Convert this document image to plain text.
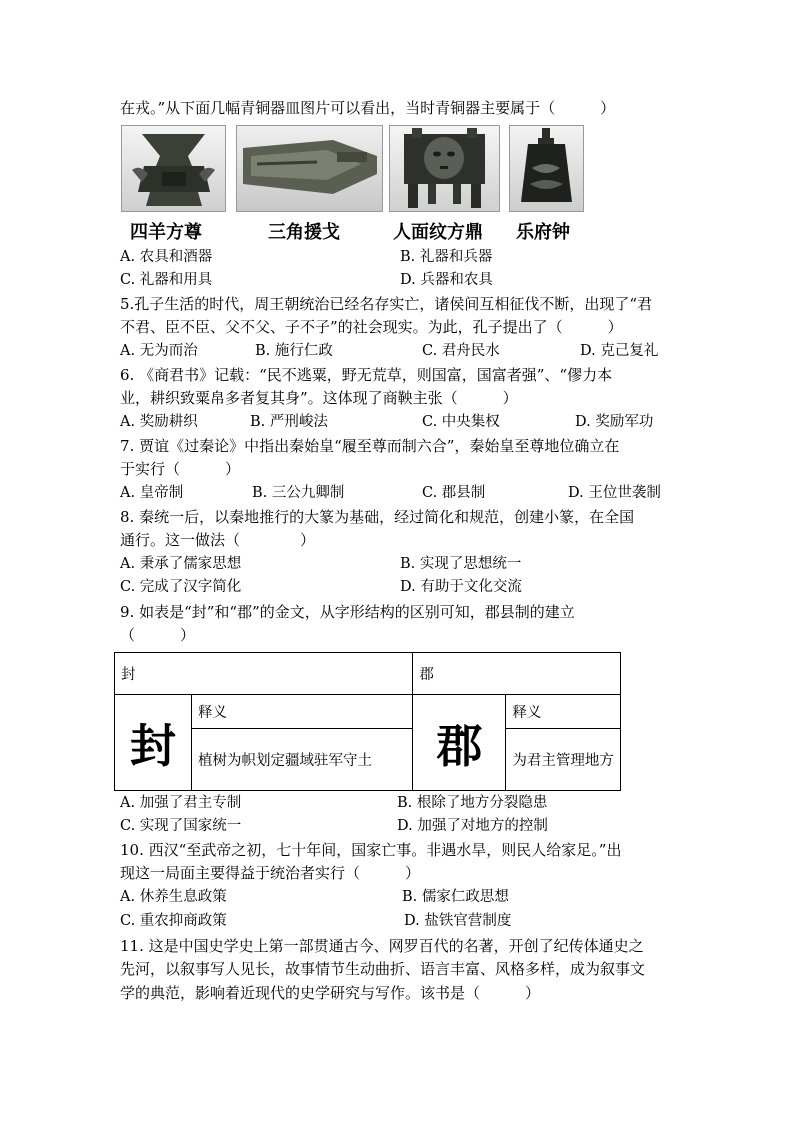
在戎。”从下面几幅青铜器皿图片可以看出，当时青铜器主要属于（　　　）
四羊方尊	三角援戈	人面纹方鼎 乐府钟
A. 农具和酒器	B. 礼器和兵器
C. 礼器和用具	D. 兵器和农具
5.孔子生活的时代，周王朝统治已经名存实亡，诸侯间互相征伐不断，出现了“君
不君、臣不臣、父不父、子不子”的社会现实。为此，孔子提出了（　　　）
A. 无为而治	B. 施行仁政	C. 君舟民水	D. 克己复礼
6. 《商君书》记载：“民不逃粟，野无荒草，则国富，国富者强”、“僇力本
业，耕织致粟帛多者复其身”。这体现了商鞅主张（　　　）
A. 奖励耕织	B. 严刑峻法	C. 中央集权	D. 奖励军功
7. 贾谊《过秦论》中指出秦始皇“履至尊而制六合”，秦始皇至尊地位确立在
于实行（　　　）
A. 皇帝制	B. 三公九卿制	C. 郡县制	D. 王位世袭制
8. 秦统一后，以秦地推行的大篆为基础，经过简化和规范，创建小篆，在全国
通行。这一做法（　　　　）
A. 秉承了儒家思想	B. 实现了思想统一
C. 完成了汉字简化	D. 有助于文化交流
9. 如表是“封”和“郡”的金文，从字形结构的区别可知，郡县制的建立
（　　　）
封		郡	
封	释义	郡	释义
	植树为帜划定疆域驻军守土		为君主管理地方
A. 加强了君主专制	B. 根除了地方分裂隐患
C. 实现了国家统一	D. 加强了对地方的控制
10. 西汉“至武帝之初，七十年间，国家亡事。非遇水旱，则民人给家足。”出
现这一局面主要得益于统治者实行（　　　）
A. 休养生息政策	B. 儒家仁政思想
C. 重农抑商政策	D. 盐铁官营制度
11. 这是中国史学史上第一部贯通古今、网罗百代的名著，开创了纪传体通史之
先河，以叙事写人见长，故事情节生动曲折、语言丰富、风格多样，成为叙事文
学的典范，影响着近现代的史学研究与写作。该书是（　　　）
